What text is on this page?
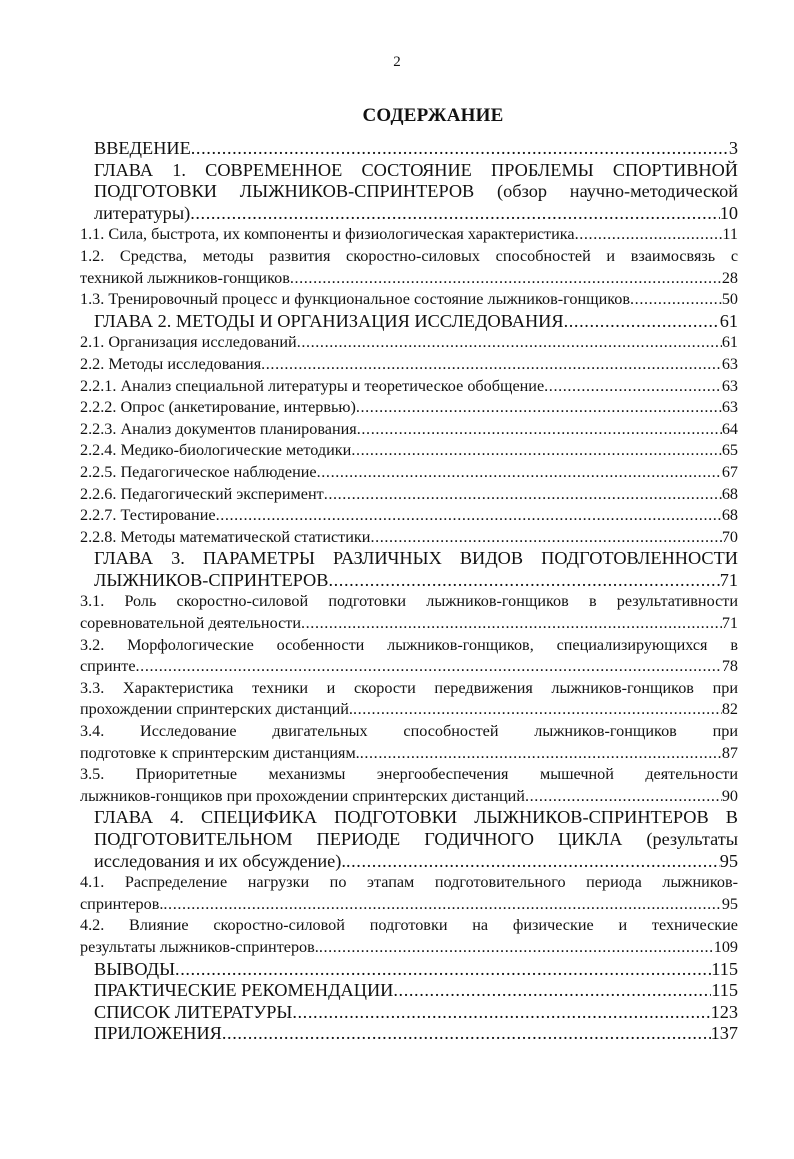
2
СОДЕРЖАНИЕ
ВВЕДЕНИЕ .....	3
ГЛАВА 1. СОВРЕМЕННОЕ СОСТОЯНИЕ ПРОБЛЕМЫ СПОРТИВНОЙ
ПОДГОТОВКИ ЛЫЖНИКОВ-СПРИНТЕРОВ (обзор научно-методической
литературы) .....	10
1.1. Сила, быстрота, их компоненты и физиологическая характеристика .....	11
1.2. Средства, методы развития скоростно-силовых способностей и взаимосвязь с
техникой лыжников-гонщиков .....	28
1.3. Тренировочный процесс и функциональное состояние лыжников-гонщиков .....	50
ГЛАВА 2. МЕТОДЫ И ОРГАНИЗАЦИЯ ИССЛЕДОВАНИЯ .....	61
2.1. Организация исследований .....	61
2.2. Методы исследования .....	63
2.2.1. Анализ специальной литературы и теоретическое обобщение .....	63
2.2.2. Опрос (анкетирование, интервью) .....	63
2.2.3. Анализ документов планирования .....	64
2.2.4. Медико-биологические методики .....	65
2.2.5. Педагогическое наблюдение .....	67
2.2.6. Педагогический эксперимент .....	68
2.2.7. Тестирование .....	68
2.2.8. Методы математической статистики .....	70
ГЛАВА 3. ПАРАМЕТРЫ РАЗЛИЧНЫХ ВИДОВ ПОДГОТОВЛЕННОСТИ
ЛЫЖНИКОВ-СПРИНТЕРОВ .....	71
3.1. Роль скоростно-силовой подготовки лыжников-гонщиков в результативности
соревновательной деятельности .....	71
3.2. Морфологические особенности лыжников-гонщиков, специализирующихся в
спринте .....	78
3.3. Характеристика техники и скорости передвижения лыжников-гонщиков при
прохождении спринтерских дистанций. .....	82
3.4. Исследование двигательных способностей лыжников-гонщиков при
подготовке к спринтерским дистанциям. .....	87
3.5. Приоритетные механизмы энергообеспечения мышечной деятельности
лыжников-гонщиков при прохождении спринтерских дистанций .....	90
ГЛАВА 4. СПЕЦИФИКА ПОДГОТОВКИ ЛЫЖНИКОВ-СПРИНТЕРОВ В
ПОДГОТОВИТЕЛЬНОМ ПЕРИОДЕ ГОДИЧНОГО ЦИКЛА (результаты
исследования и их обсуждение). .....	95
4.1. Распределение нагрузки по этапам подготовительного периода лыжников-
спринтеров. .....	95
4.2. Влияние скоростно-силовой подготовки на физические и технические
результаты лыжников-спринтеров. .....	109
ВЫВОДЫ .....	115
ПРАКТИЧЕСКИЕ РЕКОМЕНДАЦИИ .....	115
СПИСОК ЛИТЕРАТУРЫ .....	123
ПРИЛОЖЕНИЯ .....	137
